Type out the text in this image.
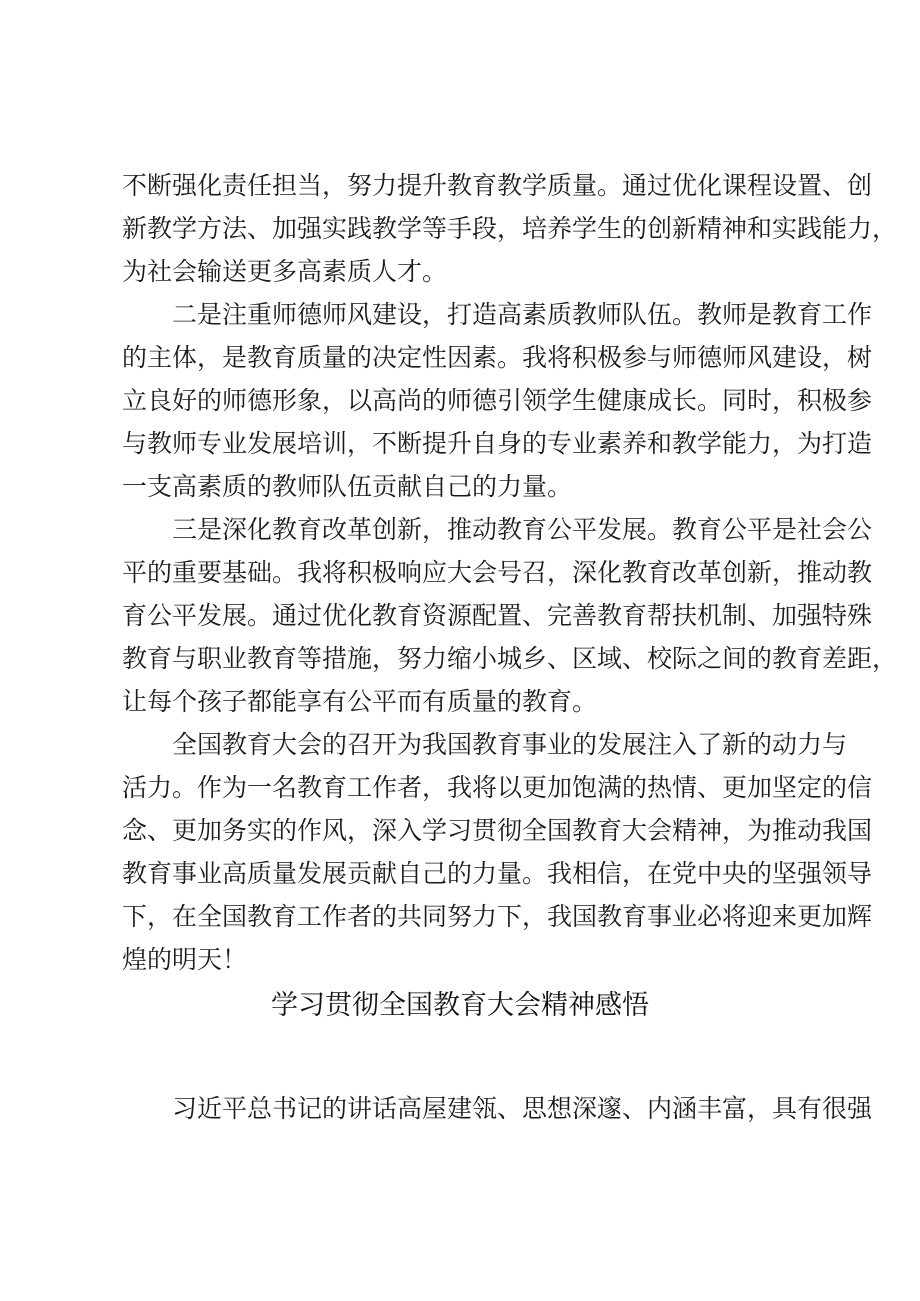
不断强化责任担当，努力提升教育教学质量。通过优化课程设置、创
新教学方法、加强实践教学等手段，培养学生的创新精神和实践能力，
为社会输送更多高素质人才。
二是注重师德师风建设，打造高素质教师队伍。教师是教育工作
的主体，是教育质量的决定性因素。我将积极参与师德师风建设，树
立良好的师德形象，以高尚的师德引领学生健康成长。同时，积极参
与教师专业发展培训，不断提升自身的专业素养和教学能力，为打造
一支高素质的教师队伍贡献自己的力量。
三是深化教育改革创新，推动教育公平发展。教育公平是社会公
平的重要基础。我将积极响应大会号召，深化教育改革创新，推动教
育公平发展。通过优化教育资源配置、完善教育帮扶机制、加强特殊
教育与职业教育等措施，努力缩小城乡、区域、校际之间的教育差距，
让每个孩子都能享有公平而有质量的教育。
全国教育大会的召开为我国教育事业的发展注入了新的动力与
活力。作为一名教育工作者，我将以更加饱满的热情、更加坚定的信
念、更加务实的作风，深入学习贯彻全国教育大会精神，为推动我国
教育事业高质量发展贡献自己的力量。我相信，在党中央的坚强领导
下，在全国教育工作者的共同努力下，我国教育事业必将迎来更加辉
煌的明天！
学习贯彻全国教育大会精神感悟
习近平总书记的讲话高屋建瓴、思想深邃、内涵丰富，具有很强
